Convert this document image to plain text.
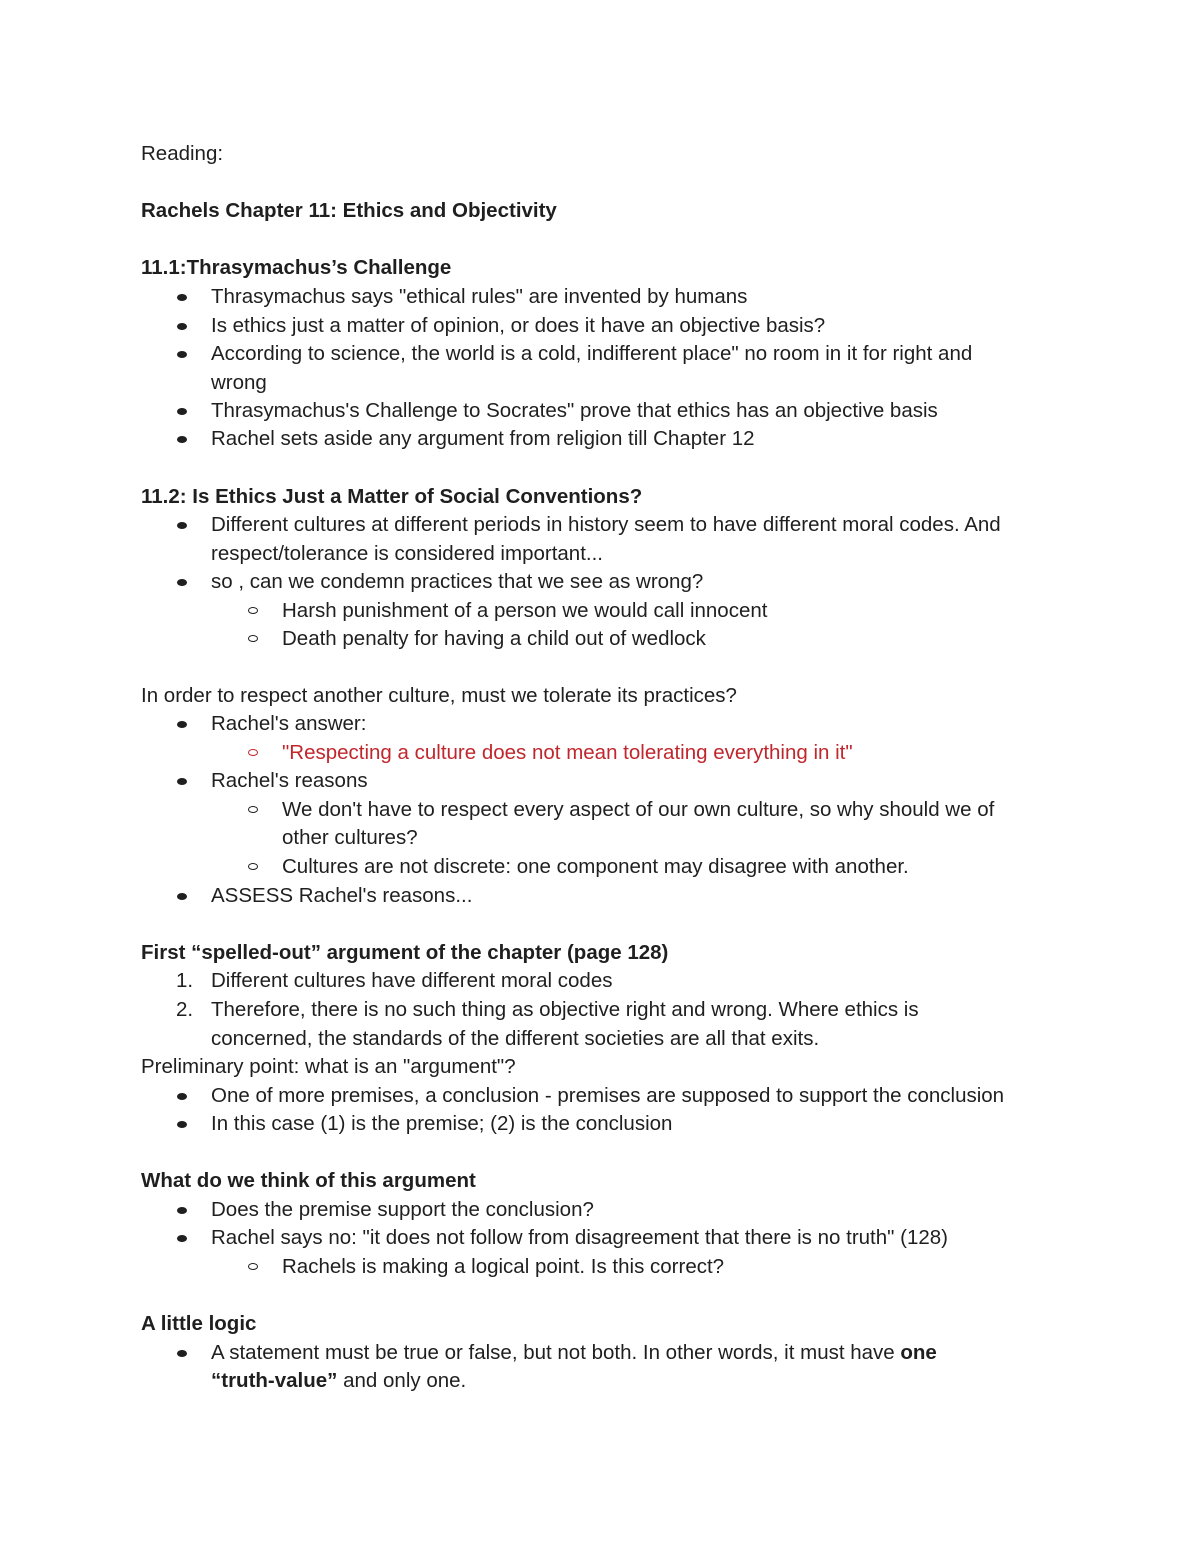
Reading:
Rachels Chapter 11: Ethics and Objectivity
11.1:Thrasymachus’s Challenge
Thrasymachus says "ethical rules" are invented by humans
Is ethics just a matter of opinion, or does it have an objective basis?
According to science, the world is a cold, indifferent place" no room in it for right and
wrong
Thrasymachus's Challenge to Socrates" prove that ethics has an objective basis
Rachel sets aside any argument from religion till Chapter 12
11.2: Is Ethics Just a Matter of Social Conventions?
Different cultures at different periods in history seem to have different moral codes. And
respect/tolerance is considered important...
so , can we condemn practices that we see as wrong?
Harsh punishment of a person we would call innocent
Death penalty for having a child out of wedlock
In order to respect another culture, must we tolerate its practices?
Rachel's answer:
"Respecting a culture does not mean tolerating everything in it"
Rachel's reasons
We don't have to respect every aspect of our own culture, so why should we of
other cultures?
Cultures are not discrete: one component may disagree with another.
ASSESS Rachel's reasons...
First “spelled-out” argument of the chapter (page 128)
1. Different cultures have different moral codes
2. Therefore, there is no such thing as objective right and wrong. Where ethics is
concerned, the standards of the different societies are all that exits.
Preliminary point: what is an "argument"?
One of more premises, a conclusion - premises are supposed to support the conclusion
In this case (1) is the premise; (2) is the conclusion
What do we think of this argument
Does the premise support the conclusion?
Rachel says no: "it does not follow from disagreement that there is no truth" (128)
Rachels is making a logical point. Is this correct?
A little logic
A statement must be true or false, but not both. In other words, it must have one
“truth-value” and only one.
